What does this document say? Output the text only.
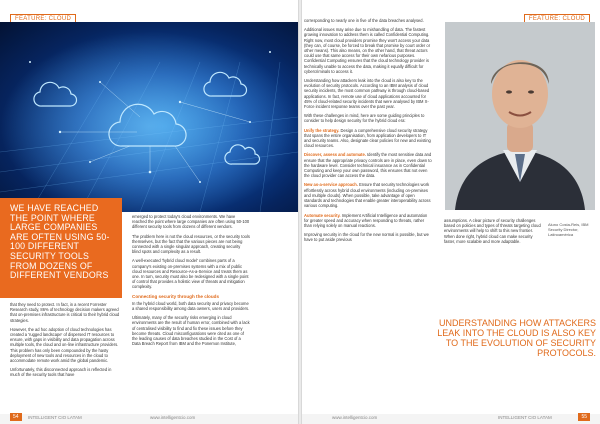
FEATURE: CLOUD
WE HAVE REACHED THE POINT WHERE LARGE COMPANIES ARE OFTEN USING 50-100 DIFFERENT SECURITY TOOLS FROM DOZENS OF DIFFERENT VENDORS

that they need to protect. In fact, in a recent Forrester Research study, 86% of technology decision makers agreed that on-premises infrastructure is critical to their hybrid cloud strategies.

However, the ad hoc adoption of cloud technologies has created a 'rugged landscape' of dispersed IT resources to ensure, with gaps in visibility and data propagation across multiple tools, the cloud and on-line infrastructure providers. This problem has only been compounded by the hasty deployment of new tools and resources in the cloud to accommodate remote work amid the global pandemic.

Unfortunately, this disconnected approach is reflected in much of the security tools that have

emerged to protect today's cloud environments. We have reached the point where large companies are often using 50-100 different security tools from dozens of different vendors.

The problem here is not the cloud resources, or the security tools themselves, but the fact that the various pieces are not being connected with a single singular approach, creating security blind spots and complexity as a result.

A well-executed 'hybrid cloud model' combines parts of a company's existing on-premises systems with a mix of public cloud resources and Resource-As-a-Service and treats them as one. In turn, security must also be redesigned with a single point of control that provides a holistic view of threats and mitigation complexity.

Connecting security through the clouds

In the hybrid cloud world, both data security and privacy become a shared responsibility among data owners, users and providers.

Ultimately, many of the security risks emerging in cloud environments are the result of human error, combined with a lack of centralised visibility to find and fix these issues before they become threats. Cloud misconfigurations were cited as one of the leading causes of data breaches studied in the Cost of a Data Breach Report from IBM and the Ponemon Institute,

54	INTELLIGENT CIO LATAM	www.intelligentcio.com
FEATURE: CLOUD

corresponding to nearly one in five of the data breaches analysed.

Additional issues may arise due to mishandling of data. The fastest growing innovation to address them is called Confidential Computing. Right now, most cloud providers promise they won't access your data (they can, of course, be forced to break that promise by court order or other means). This also means, on the other hand, that threat actors could use that same access for their own nefarious purposes. Confidential Computing ensures that the cloud technology provider is technically unable to access the data, making it equally difficult for cybercriminals to access it.

Understanding how attackers leak into the cloud is also key to the evolution of security protocols. According to an IBM analysis of cloud security incidents, the most common pathway is through cloud-based applications. In fact, remote use of cloud applications accounted for 45% of cloud-related security incidents that were analysed by IBM X-Force incident response teams over the past year.

With these challenges in mind, here are some guiding principles to consider to help design security for the hybrid cloud era:

Unify the strategy. Design a comprehensive cloud security strategy that spans the entire organisation, from application developers to IT and security teams. Also, designate clear policies for new and existing cloud resources.

Discover, assess and automate. Identify the most sensitive data and ensure that the appropriate privacy controls are in place, even down to the hardware level. Consider technical insurance as in Confidential Computing and keep your own password, this ensures that not even the cloud provider can access the data.

New as-a-service approach. Ensure that security technologies work effortlessly across hybrid cloud environments (including on-premises and multiple clouds). When possible, take advantage of open standards and technologies that enable greater interoperability across various computing.

Automate security. Implement Artificial Intelligence and automation for greater speed and accuracy when responding to threats, rather than relying solely on manual reactions.

Improving security in the cloud for the new normal is possible, but we have to put aside previous

assumptions. A clear picture of security challenges based on policies and types of threats targeting cloud environments will help to shift to this new frontier. When done right, hybrid cloud can make security faster, more scalable and more adaptable.

www.intelligentcio.com	INTELLIGENT CIO LATAM	55
Aluno Costa-Reis, IBM Security Director, Latinoamérica
UNDERSTANDING HOW ATTACKERS LEAK INTO THE CLOUD IS ALSO KEY TO THE EVOLUTION OF SECURITY PROTOCOLS.
